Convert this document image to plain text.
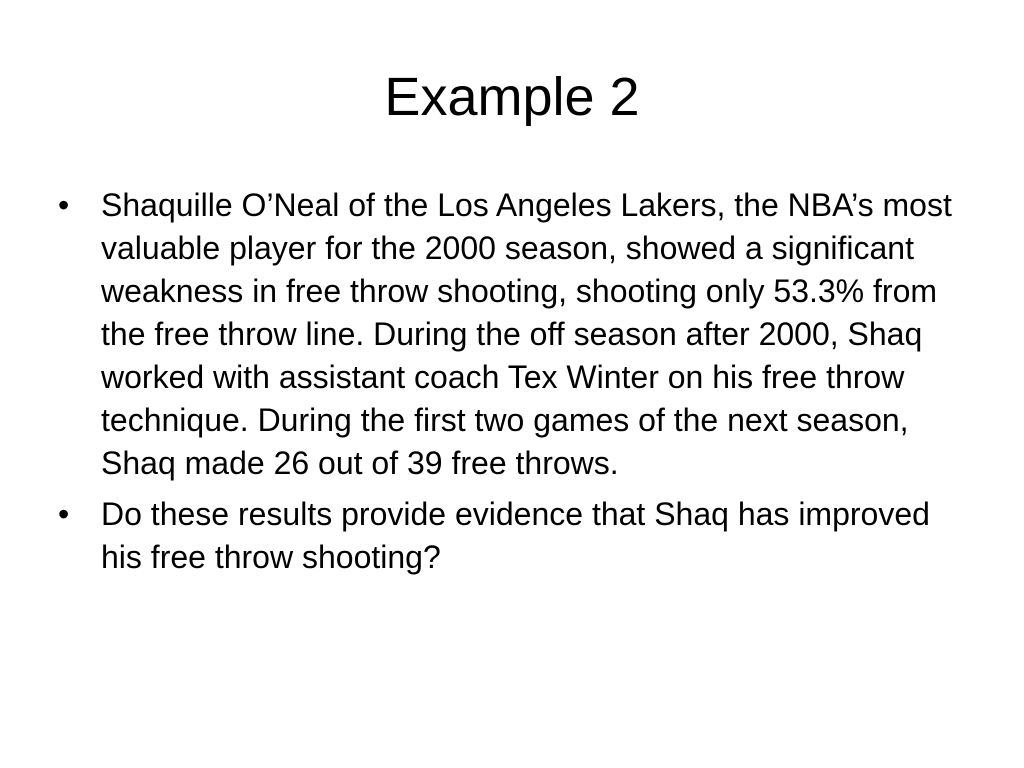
Example 2
• Shaquille O’Neal of the Los Angeles Lakers, the NBA’s most valuable player for the 2000 season, showed a significant weakness in free throw shooting, shooting only 53.3% from the free throw line. During the off season after 2000, Shaq worked with assistant coach Tex Winter on his free throw technique. During the first two games of the next season, Shaq made 26 out of 39 free throws.
• Do these results provide evidence that Shaq has improved his free throw shooting?
